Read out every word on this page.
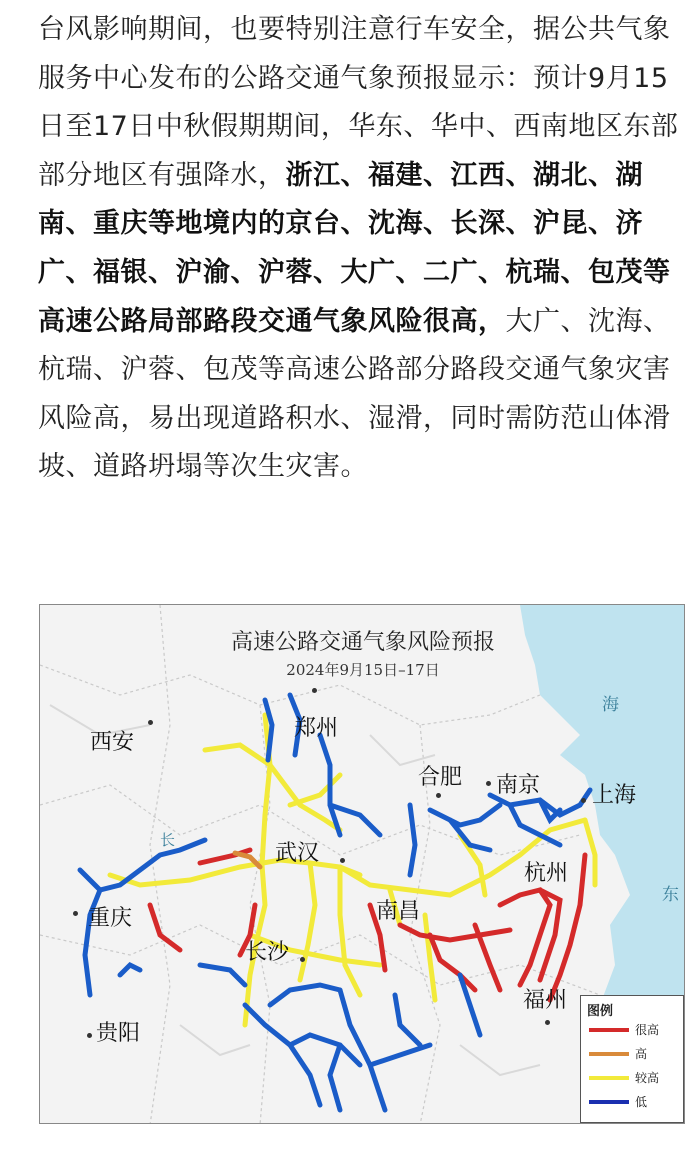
台风影响期间，也要特别注意行车安全，据公共气象服务中心发布的公路交通气象预报显示：预计9月15日至17日中秋假期期间，华东、华中、西南地区东部部分地区有强降水，浙江、福建、江西、湖北、湖南、重庆等地境内的京台、沈海、长深、沪昆、济广、福银、沪渝、沪蓉、大广、二广、杭瑞、包茂等高速公路局部路段交通气象风险很高，大广、沈海、杭瑞、沪蓉、包茂等高速公路部分路段交通气象灾害风险高，易出现道路积水、湿滑，同时需防范山体滑坡、道路坍塌等次生灾害。
高速公路交通气象风险预报
2024年9月15日–17日
郑州
西安
合肥 南京 上海
武汉
杭州
重庆	南昌
长沙
福州
贵阳
海
东
长
图例
很高
高
较高
低
